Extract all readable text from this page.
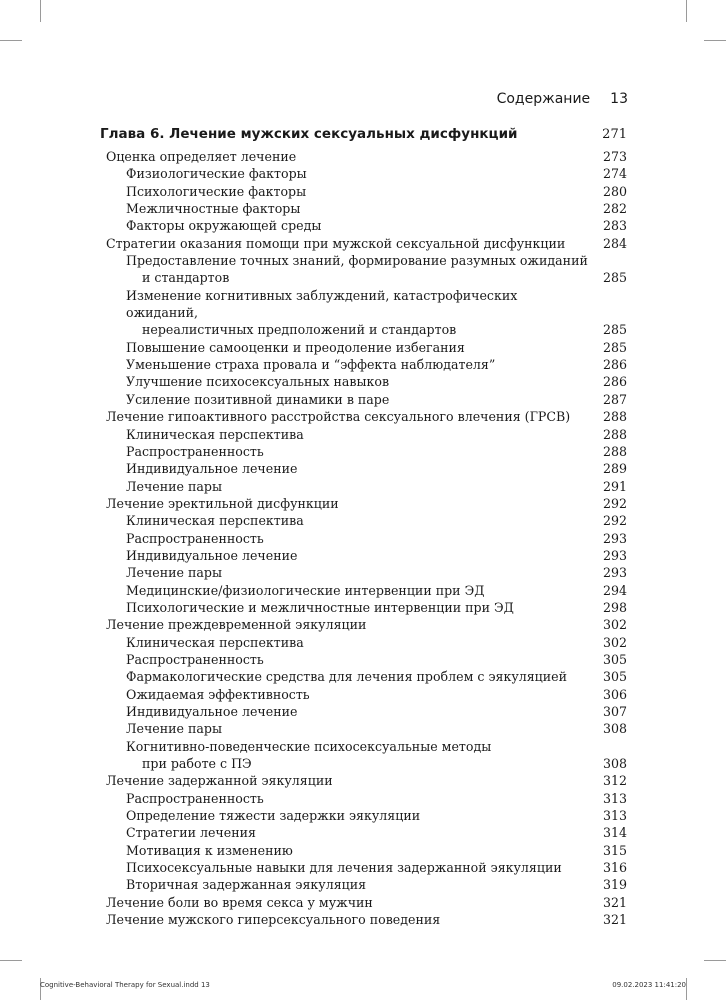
Содержание 13
Глава 6. Лечение мужских сексуальных дисфункций	271
Оценка определяет лечение	273
Физиологические факторы	274
Психологические факторы	280
Межличностные факторы	282
Факторы окружающей среды	283
Стратегии оказания помощи при мужской сексуальной дисфункции	284
Предоставление точных знаний, формирование разумных ожиданий
и стандартов	285
Изменение когнитивных заблуждений, катастрофических ожиданий,
нереалистичных предположений и стандартов	285
Повышение самооценки и преодоление избегания	285
Уменьшение страха провала и “эффекта наблюдателя”	286
Улучшение психосексуальных навыков	286
Усиление позитивной динамики в паре	287
Лечение гипоактивного расстройства сексуального влечения (ГРСВ)	288
Клиническая перспектива	288
Распространенность	288
Индивидуальное лечение	289
Лечение пары	291
Лечение эректильной дисфункции	292
Клиническая перспектива	292
Распространенность	293
Индивидуальное лечение	293
Лечение пары	293
Медицинские/физиологические интервенции при ЭД	294
Психологические и межличностные интервенции при ЭД	298
Лечение преждевременной эякуляции	302
Клиническая перспектива	302
Распространенность	305
Фармакологические средства для лечения проблем с эякуляцией	305
Ожидаемая эффективность	306
Индивидуальное лечение	307
Лечение пары	308
Когнитивно-поведенческие психосексуальные методы
при работе с ПЭ	308
Лечение задержанной эякуляции	312
Распространенность	313
Определение тяжести задержки эякуляции	313
Стратегии лечения	314
Мотивация к изменению	315
Психосексуальные навыки для лечения задержанной эякуляции	316
Вторичная задержанная эякуляция	319
Лечение боли во время секса у мужчин	321
Лечение мужского гиперсексуального поведения	321
Cognitive-Behavioral Therapy for Sexual.indd 13	09.02.2023 11:41:20
